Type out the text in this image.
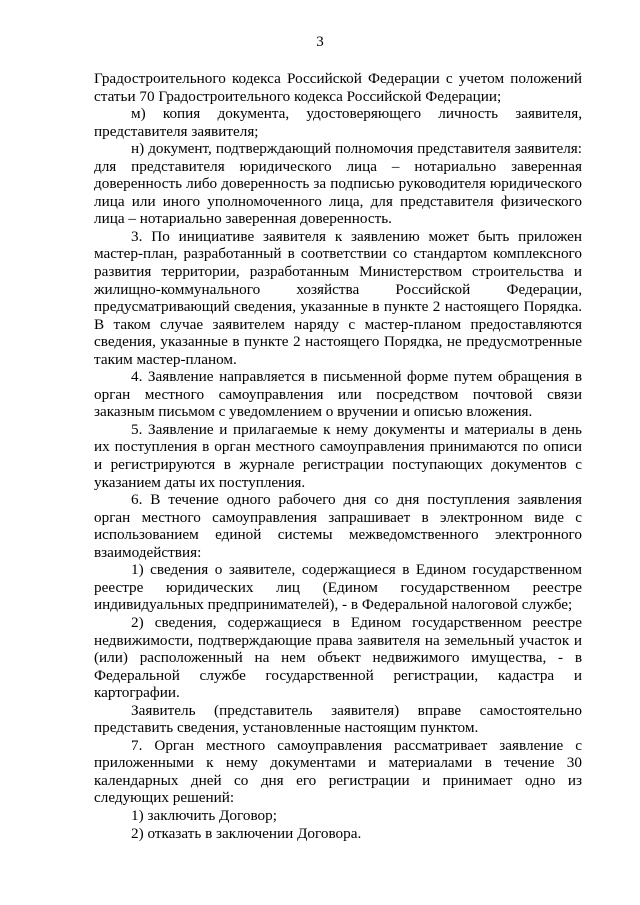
3

Градостроительного кодекса Российской Федерации с учетом положений статьи 70 Градостроительного кодекса Российской Федерации;

м) копия документа, удостоверяющего личность заявителя, представителя заявителя;

н) документ, подтверждающий полномочия представителя заявителя: для представителя юридического лица – нотариально заверенная доверенность либо доверенность за подписью руководителя юридического лица или иного уполномоченного лица, для представителя физического лица – нотариально заверенная доверенность.

3. По инициативе заявителя к заявлению может быть приложен мастер-план, разработанный в соответствии со стандартом комплексного развития территории, разработанным Министерством строительства и жилищно-коммунального хозяйства Российской Федерации, предусматривающий сведения, указанные в пункте 2 настоящего Порядка. В таком случае заявителем наряду с мастер-планом предоставляются сведения, указанные в пункте 2 настоящего Порядка, не предусмотренные таким мастер-планом.

4. Заявление направляется в письменной форме путем обращения в орган местного самоуправления или посредством почтовой связи заказным письмом с уведомлением о вручении и описью вложения.

5. Заявление и прилагаемые к нему документы и материалы в день их поступления в орган местного самоуправления принимаются по описи и регистрируются в журнале регистрации поступающих документов с указанием даты их поступления.

6. В течение одного рабочего дня со дня поступления заявления орган местного самоуправления запрашивает в электронном виде с использованием единой системы межведомственного электронного взаимодействия:

1) сведения о заявителе, содержащиеся в Едином государственном реестре юридических лиц (Едином государственном реестре индивидуальных предпринимателей), - в Федеральной налоговой службе;

2) сведения, содержащиеся в Едином государственном реестре недвижимости, подтверждающие права заявителя на земельный участок и (или) расположенный на нем объект недвижимого имущества, - в Федеральной службе государственной регистрации, кадастра и картографии.

Заявитель (представитель заявителя) вправе самостоятельно представить сведения, установленные настоящим пунктом.

7. Орган местного самоуправления рассматривает заявление с приложенными к нему документами и материалами в течение 30 календарных дней со дня его регистрации и принимает одно из следующих решений:

1) заключить Договор;

2) отказать в заключении Договора.
